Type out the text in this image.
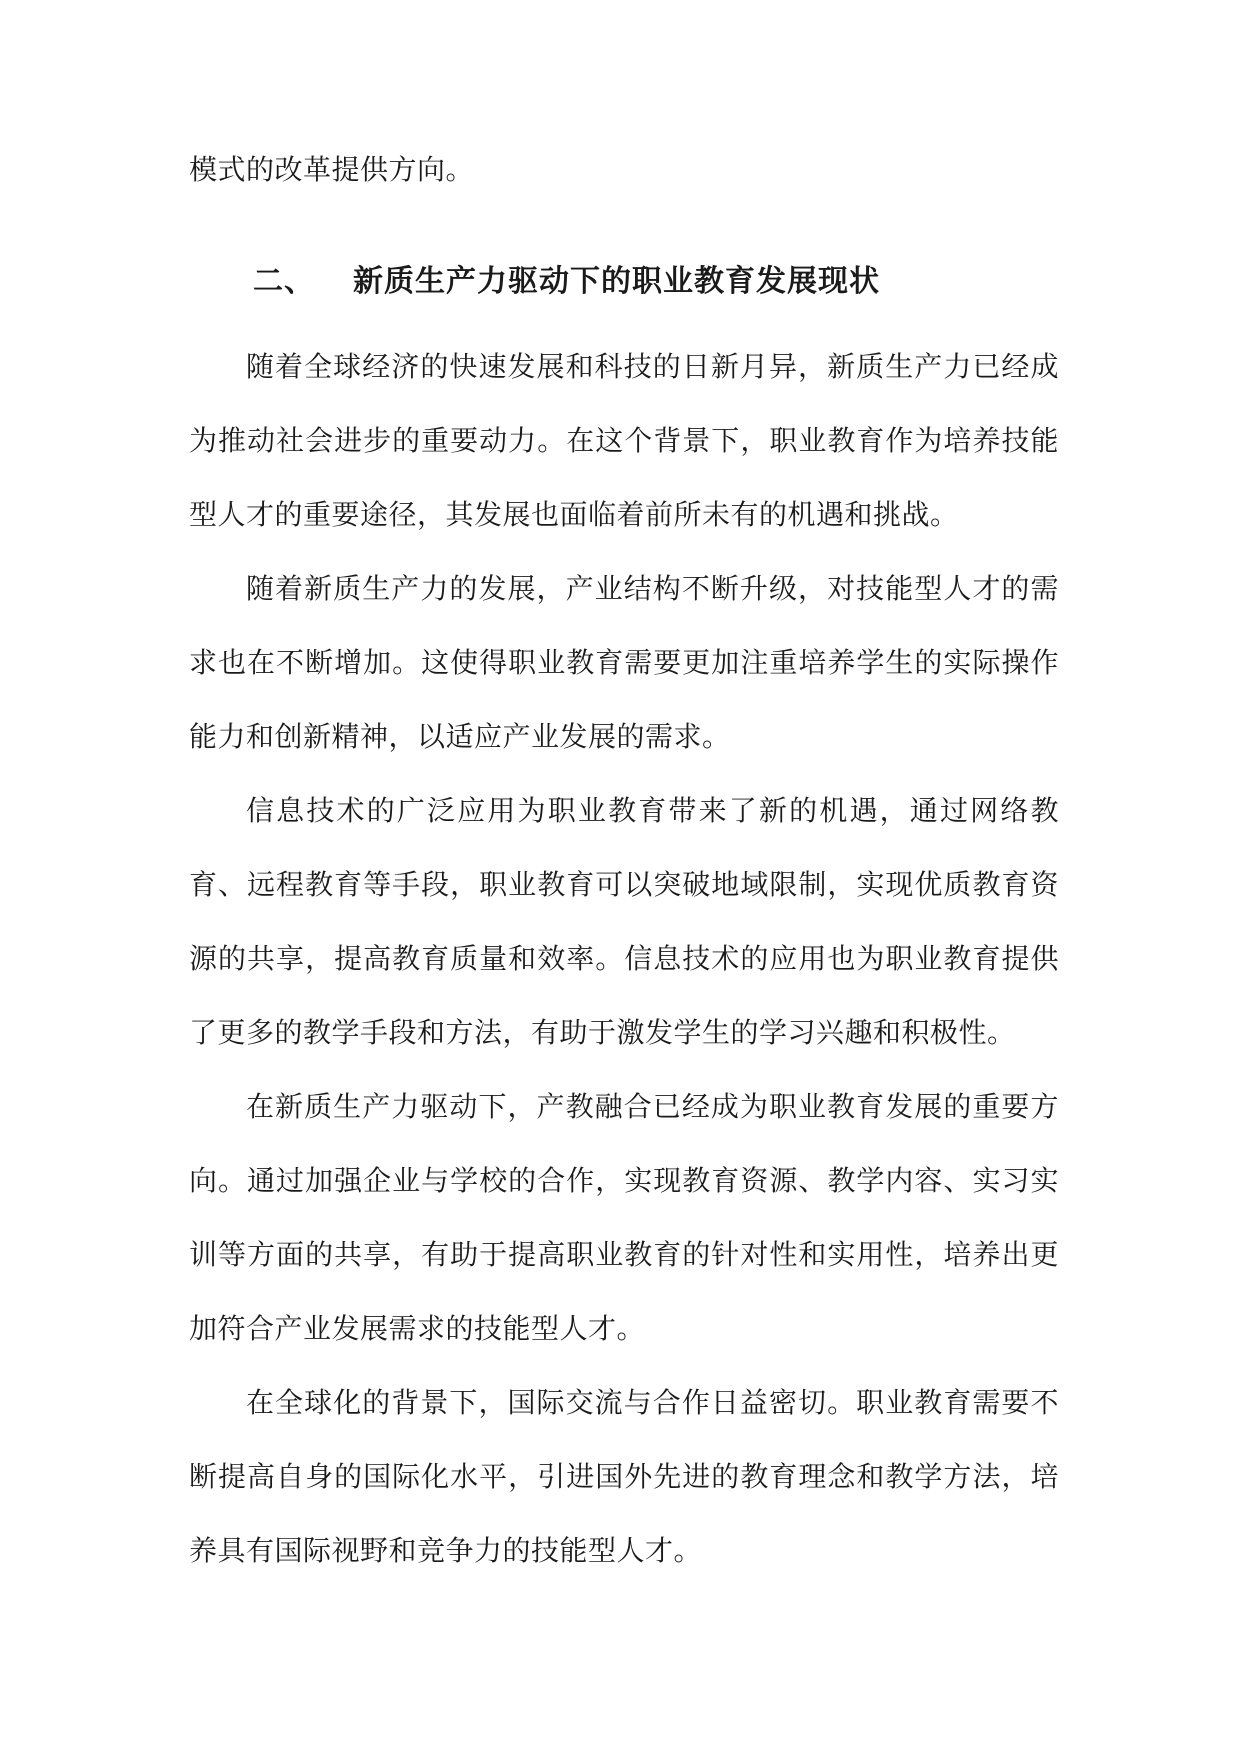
模式的改革提供方向。
二、 新质生产力驱动下的职业教育发展现状

随着全球经济的快速发展和科技的日新月异，新质生产力已经成为推动社会进步的重要动力。在这个背景下，职业教育作为培养技能型人才的重要途径，其发展也面临着前所未有的机遇和挑战。

随着新质生产力的发展，产业结构不断升级，对技能型人才的需求也在不断增加。这使得职业教育需要更加注重培养学生的实际操作能力和创新精神，以适应产业发展的需求。

信息技术的广泛应用为职业教育带来了新的机遇，通过网络教育、远程教育等手段，职业教育可以突破地域限制，实现优质教育资源的共享，提高教育质量和效率。信息技术的应用也为职业教育提供了更多的教学手段和方法，有助于激发学生的学习兴趣和积极性。

在新质生产力驱动下，产教融合已经成为职业教育发展的重要方向。通过加强企业与学校的合作，实现教育资源、教学内容、实习实训等方面的共享，有助于提高职业教育的针对性和实用性，培养出更加符合产业发展需求的技能型人才。

在全球化的背景下，国际交流与合作日益密切。职业教育需要不断提高自身的国际化水平，引进国外先进的教育理念和教学方法，培养具有国际视野和竞争力的技能型人才。
